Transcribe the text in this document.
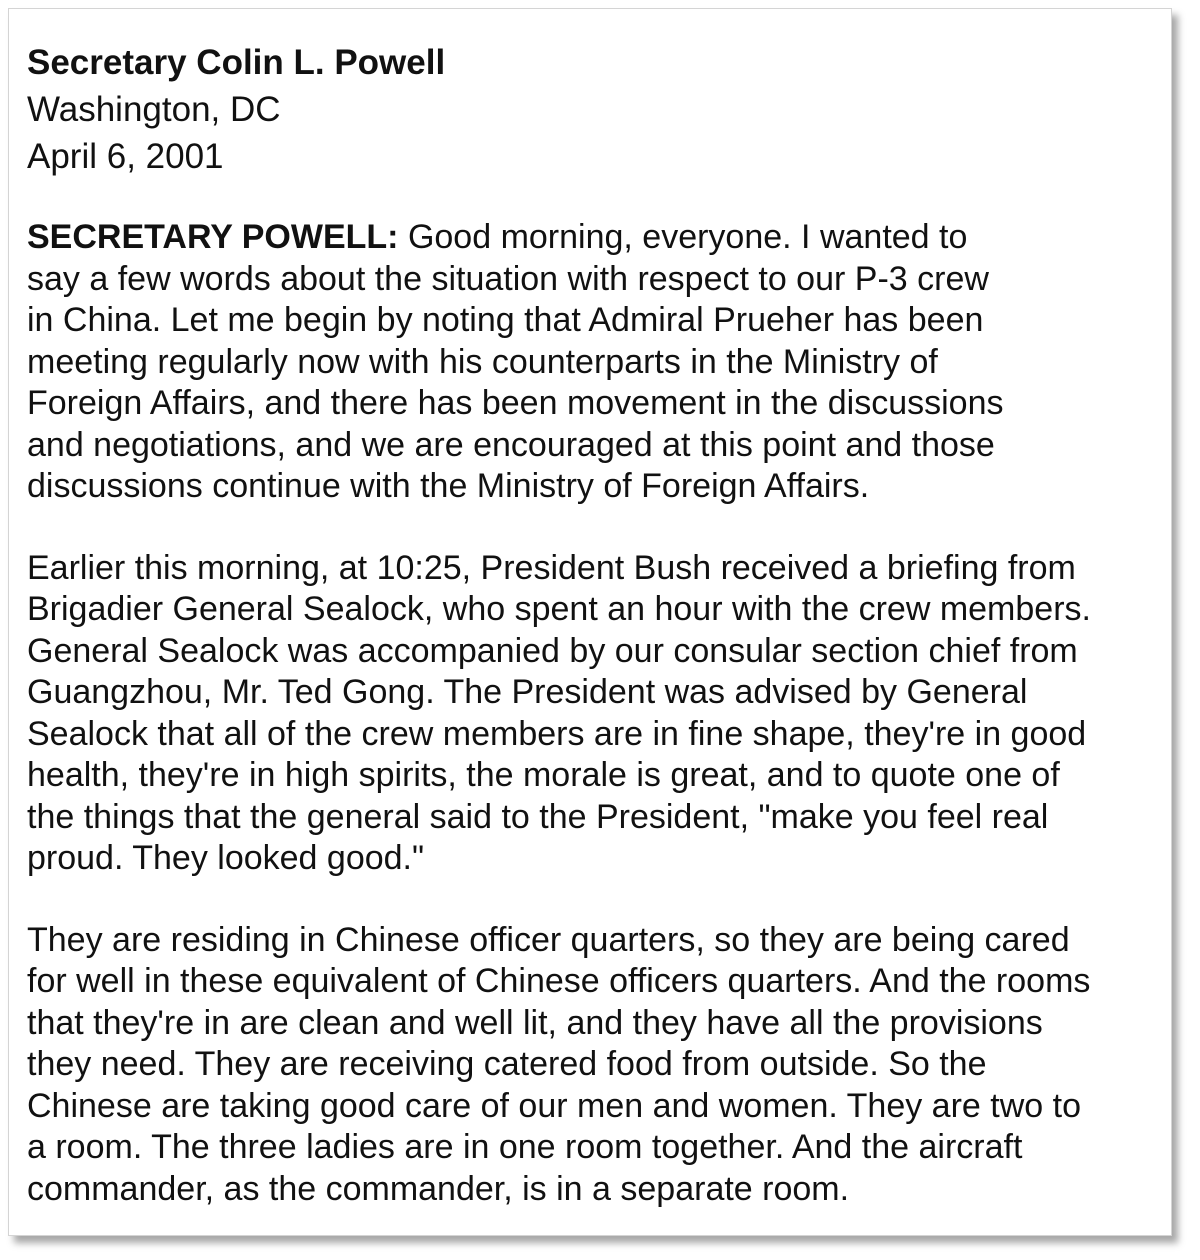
Secretary Colin L. Powell
Washington, DC
April 6, 2001

SECRETARY POWELL: Good morning, everyone. I wanted to
say a few words about the situation with respect to our P-3 crew
in China. Let me begin by noting that Admiral Prueher has been
meeting regularly now with his counterparts in the Ministry of
Foreign Affairs, and there has been movement in the discussions
and negotiations, and we are encouraged at this point and those
discussions continue with the Ministry of Foreign Affairs.

Earlier this morning, at 10:25, President Bush received a briefing from
Brigadier General Sealock, who spent an hour with the crew members.
General Sealock was accompanied by our consular section chief from
Guangzhou, Mr. Ted Gong. The President was advised by General
Sealock that all of the crew members are in fine shape, they're in good
health, they're in high spirits, the morale is great, and to quote one of
the things that the general said to the President, "make you feel real
proud. They looked good."

They are residing in Chinese officer quarters, so they are being cared
for well in these equivalent of Chinese officers quarters. And the rooms
that they're in are clean and well lit, and they have all the provisions
they need. They are receiving catered food from outside. So the
Chinese are taking good care of our men and women. They are two to
a room. The three ladies are in one room together. And the aircraft
commander, as the commander, is in a separate room.
